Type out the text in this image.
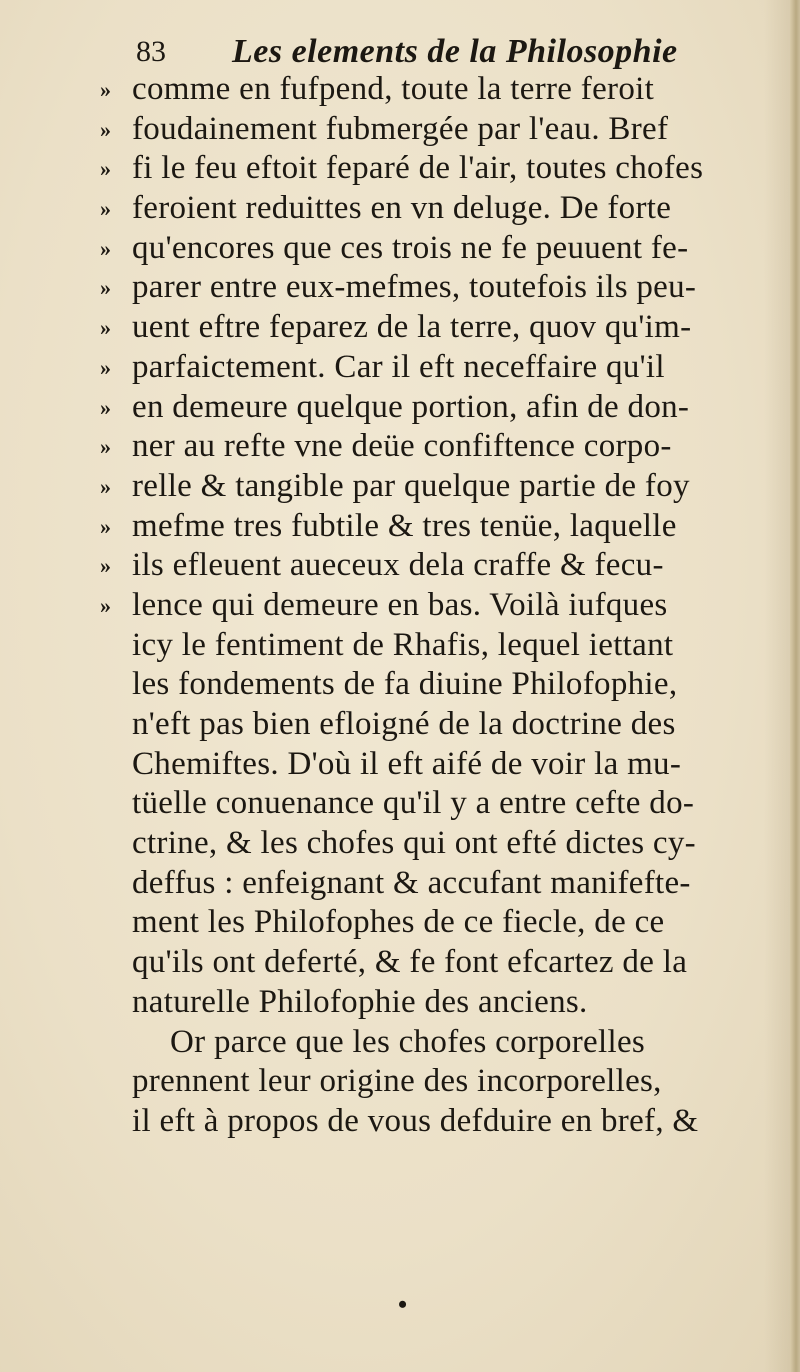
83 Les elements de la Philosophie
» comme en fufpend, toute la terre feroit
» foudainement fubmergée par l'eau. Bref
» fi le feu eftoit feparé de l'air, toutes chofes
» feroient reduittes en vn deluge. De forte
» qu'encores que ces trois ne fe peuuent fe-
» parer entre eux-mefmes, toutefois ils peu-
» uent eftre feparez de la terre, quov qu'im-
» parfaictement. Car il eft neceffaire qu'il
» en demeure quelque portion, afin de don-
» ner au refte vne deüe confiftence corpo-
» relle & tangible par quelque partie de foy
» mefme tres fubtile & tres tenüe, laquelle
» ils efleuent aueceux dela craffe & fecu-
» lence qui demeure en bas. Voilà iufques
icy le fentiment de Rhafis, lequel iettant
les fondements de fa diuine Philofophie,
n'eft pas bien efloigné de la doctrine des
Chemiftes. D'où il eft aifé de voir la mu-
tüelle conuenance qu'il y a entre cefte do-
ctrine, & les chofes qui ont efté dictes cy-
deffus : enfeignant & accufant manifefte-
ment les Philofophes de ce fiecle, de ce
qu'ils ont deferté, & fe font efcartez de la
naturelle Philofophie des anciens.
Or parce que les chofes corporelles
prennent leur origine des incorporelles,
il eft à propos de vous defduire en bref, &
•
